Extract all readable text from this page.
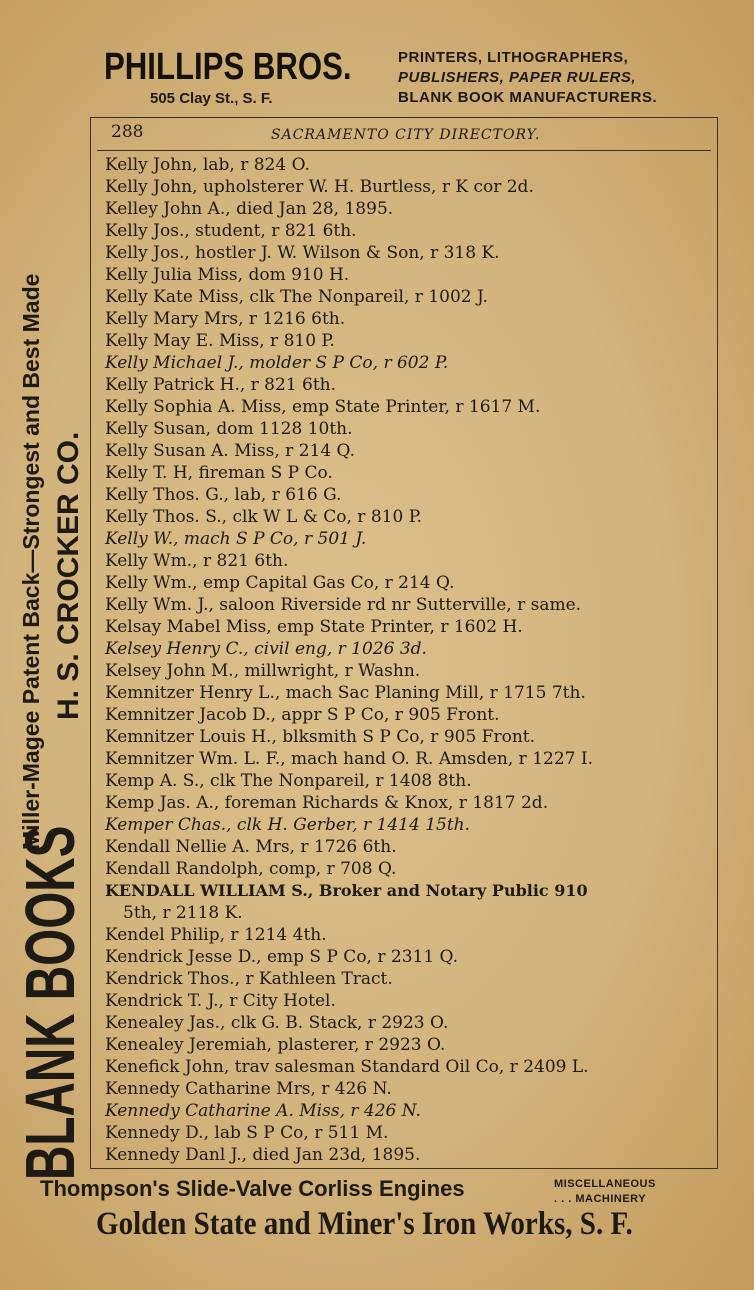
PHILLIPS BROS.
505 Clay St., S. F.
PRINTERS, LITHOGRAPHERS,
PUBLISHERS, PAPER RULERS,
BLANK BOOK MANUFACTURERS.
BLANK BOOKS
Miller-Magee Patent Back—Strongest and Best Made H. S. CROCKER CO.
288	SACRAMENTO CITY DIRECTORY.
Kelly John, lab, r 824 O.
Kelly John, upholsterer W. H. Burtless, r K cor 2d.
Kelley John A., died Jan 28, 1895.
Kelly Jos., student, r 821 6th.
Kelly Jos., hostler J. W. Wilson & Son, r 318 K.
Kelly Julia Miss, dom 910 H.
Kelly Kate Miss, clk The Nonpareil, r 1002 J.
Kelly Mary Mrs, r 1216 6th.
Kelly May E. Miss, r 810 P.
Kelly Michael J., molder S P Co, r 602 P.
Kelly Patrick H., r 821 6th.
Kelly Sophia A. Miss, emp State Printer, r 1617 M.
Kelly Susan, dom 1128 10th.
Kelly Susan A. Miss, r 214 Q.
Kelly T. H, fireman S P Co.
Kelly Thos. G., lab, r 616 G.
Kelly Thos. S., clk W L & Co, r 810 P.
Kelly W., mach S P Co, r 501 J.
Kelly Wm., r 821 6th.
Kelly Wm., emp Capital Gas Co, r 214 Q.
Kelly Wm. J., saloon Riverside rd nr Sutterville, r same.
Kelsay Mabel Miss, emp State Printer, r 1602 H.
Kelsey Henry C., civil eng, r 1026 3d.
Kelsey John M., millwright, r Washn.
Kemnitzer Henry L., mach Sac Planing Mill, r 1715 7th.
Kemnitzer Jacob D., appr S P Co, r 905 Front.
Kemnitzer Louis H., blksmith S P Co, r 905 Front.
Kemnitzer Wm. L. F., mach hand O. R. Amsden, r 1227 I.
Kemp A. S., clk The Nonpareil, r 1408 8th.
Kemp Jas. A., foreman Richards & Knox, r 1817 2d.
Kemper Chas., clk H. Gerber, r 1414 15th.
Kendall Nellie A. Mrs, r 1726 6th.
Kendall Randolph, comp, r 708 Q.
KENDALL WILLIAM S., Broker and Notary Public 910
5th, r 2118 K.
Kendel Philip, r 1214 4th.
Kendrick Jesse D., emp S P Co, r 2311 Q.
Kendrick Thos., r Kathleen Tract.
Kendrick T. J., r City Hotel.
Kenealey Jas., clk G. B. Stack, r 2923 O.
Kenealey Jeremiah, plasterer, r 2923 O.
Kenefick John, trav salesman Standard Oil Co, r 2409 L.
Kennedy Catharine Mrs, r 426 N.
Kennedy Catharine A. Miss, r 426 N.
Kennedy D., lab S P Co, r 511 M.
Kennedy Danl J., died Jan 23d, 1895.
Thompson's Slide-Valve Corliss Engines	MISCELLANEOUS
. . . MACHINERY
Golden State and Miner's Iron Works, S. F.
